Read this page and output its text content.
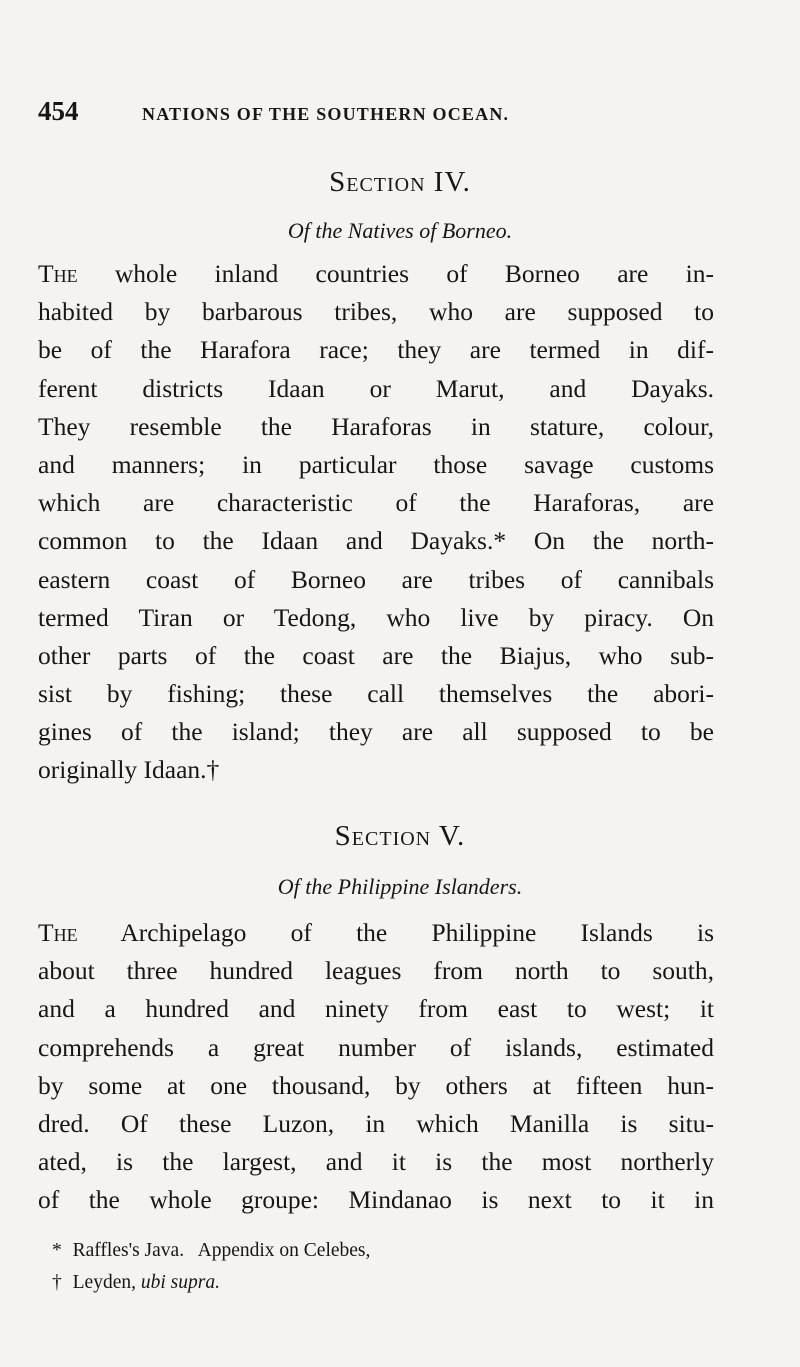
454	NATIONS OF THE SOUTHERN OCEAN.
Section IV.
Of the Natives of Borneo.
The whole inland countries of Borneo are in-
habited by barbarous tribes, who are supposed to
be of the Harafora race; they are termed in dif-
ferent districts Idaan or Marut, and Dayaks.
They resemble the Haraforas in stature, colour,
and manners; in particular those savage customs
which are characteristic of the Haraforas, are
common to the Idaan and Dayaks.* On the north-
eastern coast of Borneo are tribes of cannibals
termed Tiran or Tedong, who live by piracy. On
other parts of the coast are the Biajus, who sub-
sist by fishing; these call themselves the abori-
gines of the island; they are all supposed to be
originally Idaan.†
Section V.
Of the Philippine Islanders.
The Archipelago of the Philippine Islands is
about three hundred leagues from north to south,
and a hundred and ninety from east to west; it
comprehends a great number of islands, estimated
by some at one thousand, by others at fifteen hun-
dred. Of these Luzon, in which Manilla is situ-
ated, is the largest, and it is the most northerly
of the whole groupe: Mindanao is next to it in
* Raffles's Java.   Appendix on Celebes,
† Leyden, ubi supra.
